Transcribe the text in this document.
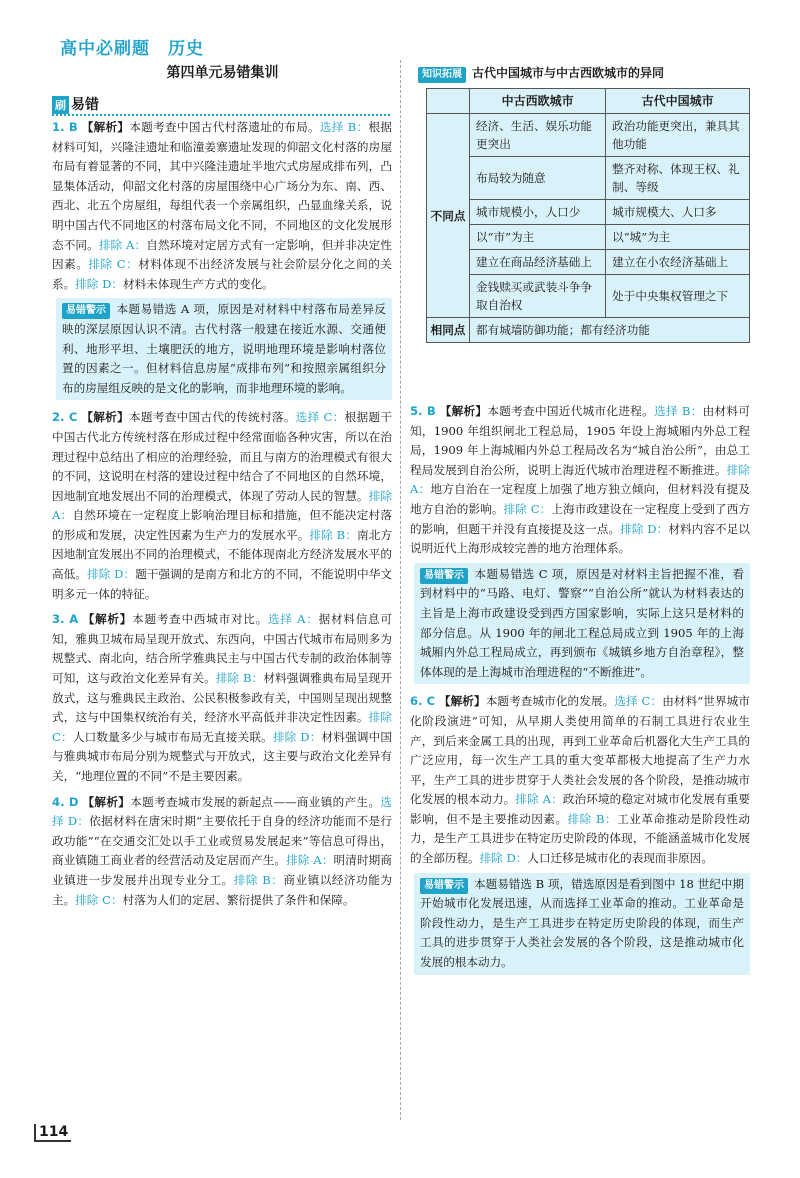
高中必刷题　历史
第四单元易错集训
刷 易错
知识拓展 古代中国城市与中古西欧城市的异同
	中古西欧城市	古代中国城市
不同点	经济、生活、娱乐功能更突出	政治功能更突出，兼具其他功能
	布局较为随意	整齐对称、体现王权、礼制、等级
	城市规模小，人口少	城市规模大、人口多
	以“市”为主	以“城”为主
	建立在商品经济基础上	建立在小农经济基础上
	金钱赎买或武装斗争争取自治权	处于中央集权管理之下
相同点	都有城墙防御功能；都有经济功能	
1. B 【解析】本题考查中国古代村落遗址的布局。选择 B：根据材料可知，兴隆洼遗址和临潼姜寨遗址发现的仰韶文化村落的房屋布局有着显著的不同，其中兴隆洼遗址半地穴式房屋成排布列，凸显集体活动，仰韶文化村落的房屋围绕中心广场分为东、南、西、西北、北五个房屋组，每组代表一个亲属组织，凸显血缘关系，说明中国古代不同地区的村落布局文化不同，不同地区的文化发展形态不同。排除 A：自然环境对定居方式有一定影响，但并非决定性因素。排除 C：材料体现不出经济发展与社会阶层分化之间的关系。排除 D：材料未体现生产方式的变化。
易错警示 本题易错选 A 项，原因是对材料中村落布局差异反映的深层原因认识不清。古代村落一般建在接近水源、交通便利、地形平坦、土壤肥沃的地方，说明地理环境是影响村落位置的因素之一。但材料信息房屋“成排布列”和按照亲属组织分布的房屋组反映的是文化的影响，而非地理环境的影响。
2. C 【解析】本题考查中国古代的传统村落。选择 C：根据题干中国古代北方传统村落在形成过程中经常面临各种灾害，所以在治理过程中总结出了相应的治理经验，而且与南方的治理模式有很大的不同，这说明在村落的建设过程中结合了不同地区的自然环境，因地制宜地发展出不同的治理模式，体现了劳动人民的智慧。排除 A：自然环境在一定程度上影响治理目标和措施，但不能决定村落的形成和发展，决定性因素为生产力的发展水平。排除 B：南北方因地制宜发展出不同的治理模式，不能体现南北方经济发展水平的高低。排除 D：题干强调的是南方和北方的不同，不能说明中华文明多元一体的特征。
3. A 【解析】本题考查中西城市对比。选择 A：据材料信息可知，雅典卫城布局呈现开放式、东西向，中国古代城市布局则多为规整式、南北向，结合所学雅典民主与中国古代专制的政治体制等可知，这与政治文化差异有关。排除 B：材料强调雅典布局呈现开放式，这与雅典民主政治、公民积极参政有关，中国则呈现出规整式，这与中国集权统治有关，经济水平高低并非决定性因素。排除 C：人口数量多少与城市布局无直接关联。排除 D：材料强调中国与雅典城市布局分别为规整式与开放式，这主要与政治文化差异有关，“地理位置的不同”不是主要因素。
4. D 【解析】本题考查城市发展的新起点——商业镇的产生。选择 D：依据材料在唐宋时期“主要依托于自身的经济功能而不是行政功能”“在交通交汇处以手工业或贸易发展起来”等信息可得出，商业镇随工商业者的经营活动及定居而产生。排除 A：明清时期商业镇进一步发展并出现专业分工。排除 B：商业镇以经济功能为主。排除 C：村落为人们的定居、繁衍提供了条件和保障。
5. B 【解析】本题考查中国近代城市化进程。选择 B：由材料可知，1900 年组织闸北工程总局，1905 年设上海城厢内外总工程局，1909 年上海城厢内外总工程局改名为“城自治公所”，由总工程局发展到自治公所，说明上海近代城市治理进程不断推进。排除 A：地方自治在一定程度上加强了地方独立倾向，但材料没有提及地方自治的影响。排除 C：上海市政建设在一定程度上受到了西方的影响，但题干并没有直接提及这一点。排除 D：材料内容不足以说明近代上海形成较完善的地方治理体系。
易错警示 本题易错选 C 项，原因是对材料主旨把握不准，看到材料中的“马路、电灯、警察”“自治公所”就认为材料表达的主旨是上海市政建设受到西方国家影响，实际上这只是材料的部分信息。从 1900 年的闸北工程总局成立到 1905 年的上海城厢内外总工程局成立，再到颁布《城镇乡地方自治章程》，整体体现的是上海城市治理进程的“不断推进”。
6. C 【解析】本题考查城市化的发展。选择 C：由材料“世界城市化阶段演进”可知，从早期人类使用简单的石制工具进行农业生产，到后来金属工具的出现，再到工业革命后机器化大生产工具的广泛应用，每一次生产工具的重大变革都极大地提高了生产力水平，生产工具的进步贯穿于人类社会发展的各个阶段，是推动城市化发展的根本动力。排除 A：政治环境的稳定对城市化发展有重要影响，但不是主要推动因素。排除 B：工业革命推动是阶段性动力，是生产工具进步在特定历史阶段的体现，不能涵盖城市化发展的全部历程。排除 D：人口迁移是城市化的表现而非原因。
易错警示 本题易错选 B 项，错选原因是看到图中 18 世纪中期开始城市化发展迅速，从而选择工业革命的推动。工业革命是阶段性动力，是生产工具进步在特定历史阶段的体现，而生产工具的进步贯穿于人类社会发展的各个阶段，这是推动城市化发展的根本动力。
114
